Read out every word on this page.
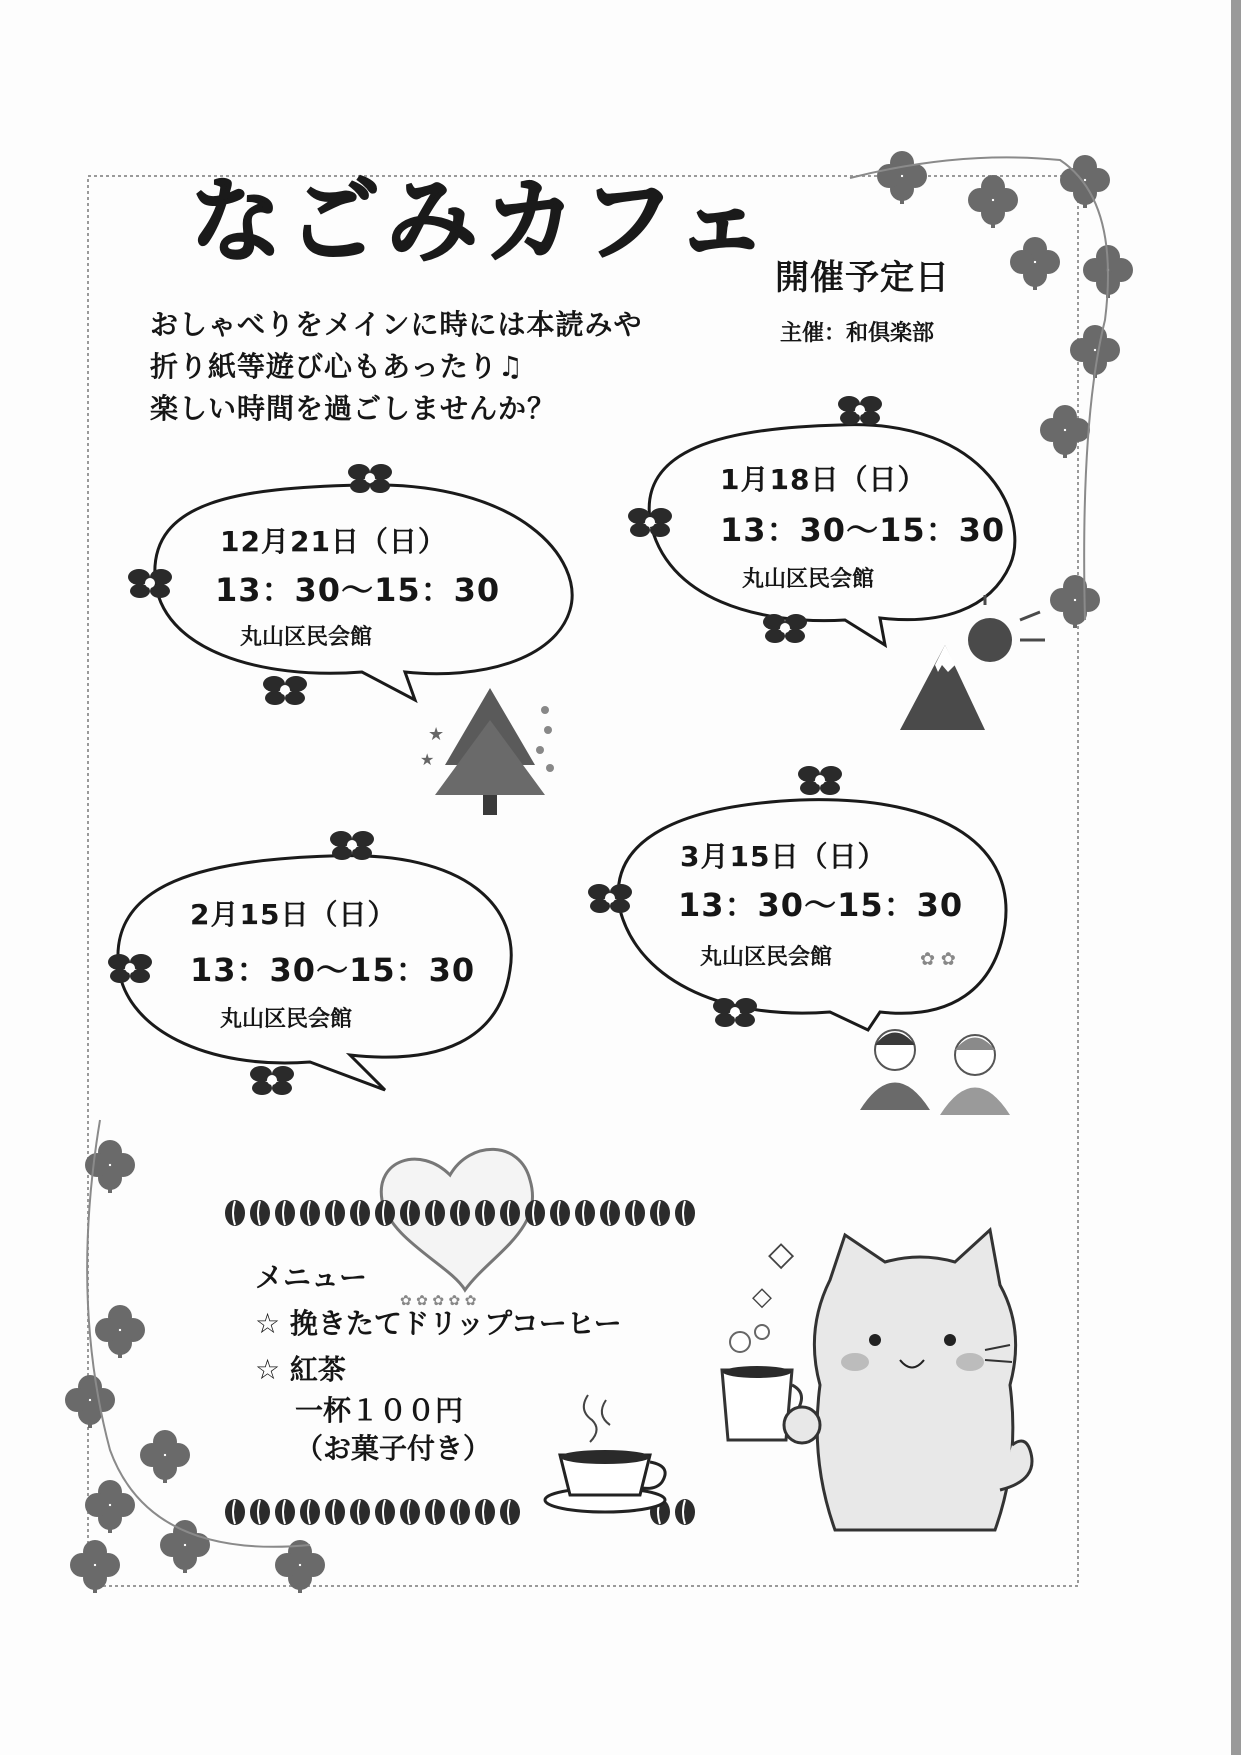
★
★
✿ ✿ ✿ ✿ ✿
✿ ✿
◇
◇
なごみカフェ
開催予定日
主催：和倶楽部
おしゃべりをメインに時には本読みや
折り紙等遊び心もあったり♫
楽しい時間を過ごしませんか？
12月21日（日）
13：30〜15：30
丸山区民会館
1月18日（日）
13：30〜15：30
丸山区民会館
2月15日（日）
13：30〜15：30
丸山区民会館
3月15日（日）
13：30〜15：30
丸山区民会館
メニュー
☆ 挽きたてドリップコーヒー
☆ 紅茶
一杯１００円
（お菓子付き）
